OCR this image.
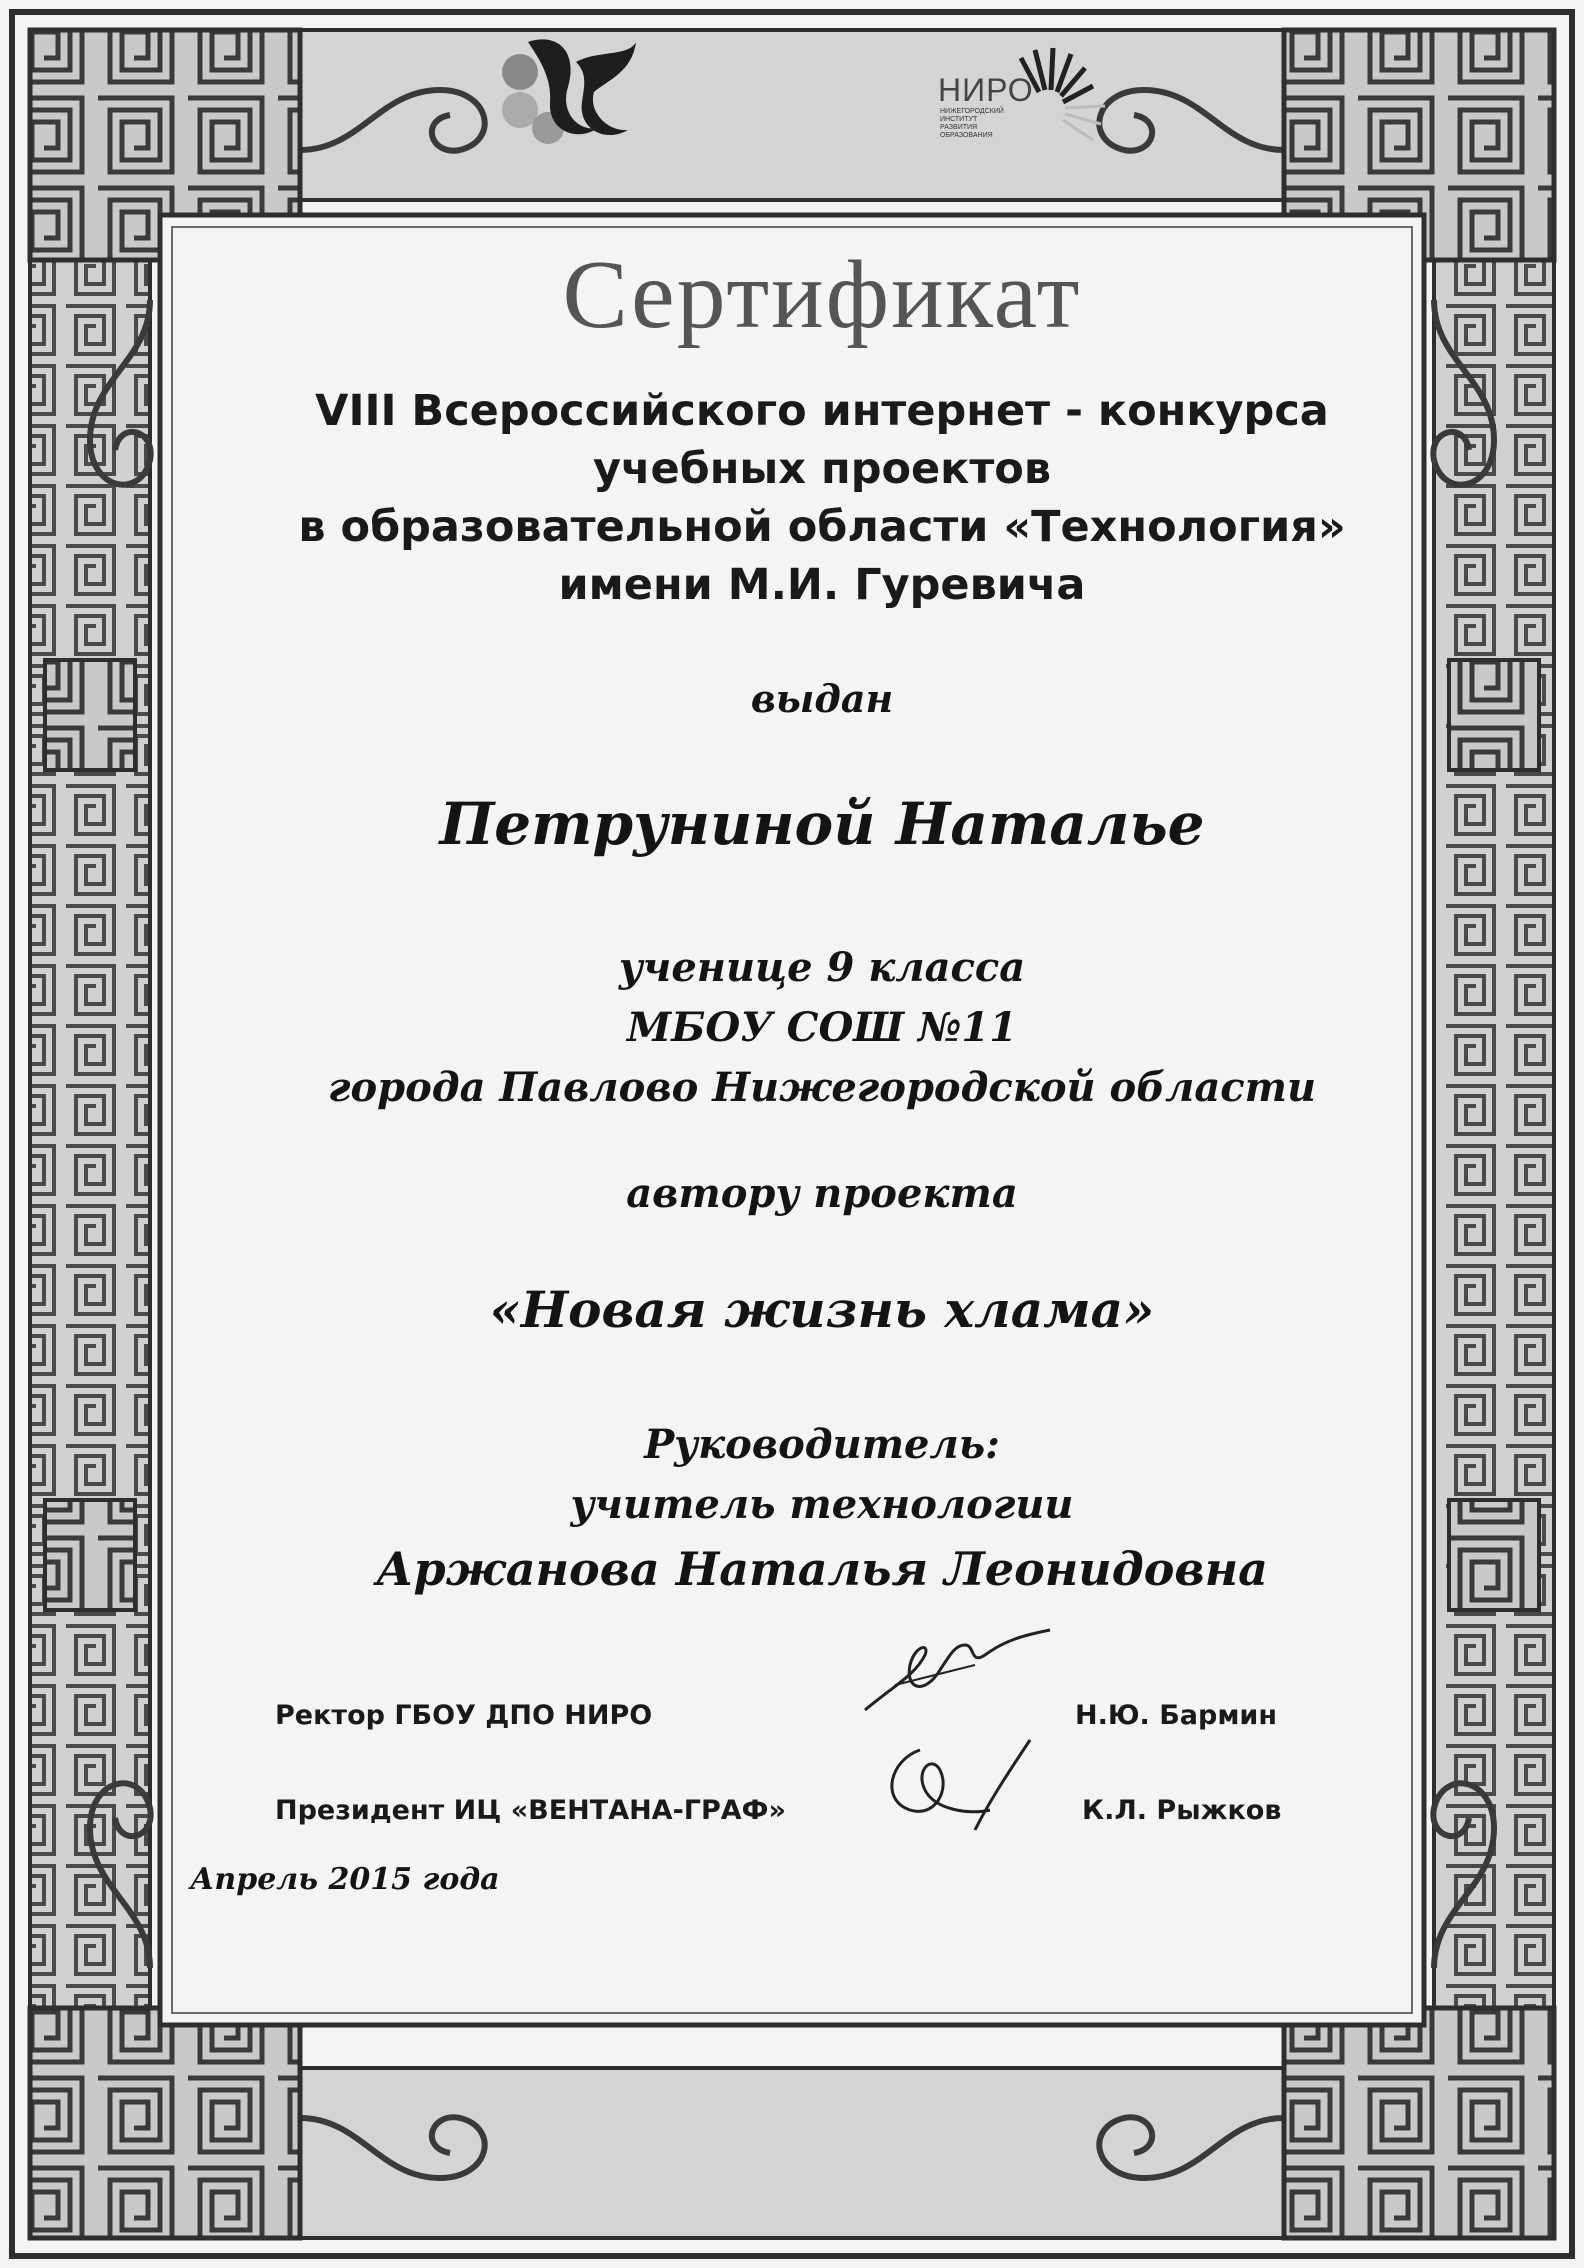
НИРО
НИЖЕГОРОДСКИЙ ИНСТИТУТ РАЗВИТИЯ ОБРАЗОВАНИЯ
Сертификат
VIII Всероссийского интернет - конкурса
учебных проектов
в образовательной области «Технология»
имени М.И. Гуревича
выдан
Петруниной Наталье
ученице 9 класса
МБОУ СОШ №11
города Павлово Нижегородской области
автору проекта
«Новая жизнь хлама»
Руководитель:
учитель технологии
Аржанова Наталья Леонидовна
Ректор ГБОУ ДПО НИРО	Н.Ю. Бармин
Президент ИЦ «ВЕНТАНА-ГРАФ»	К.Л. Рыжков
Апрель 2015 года
